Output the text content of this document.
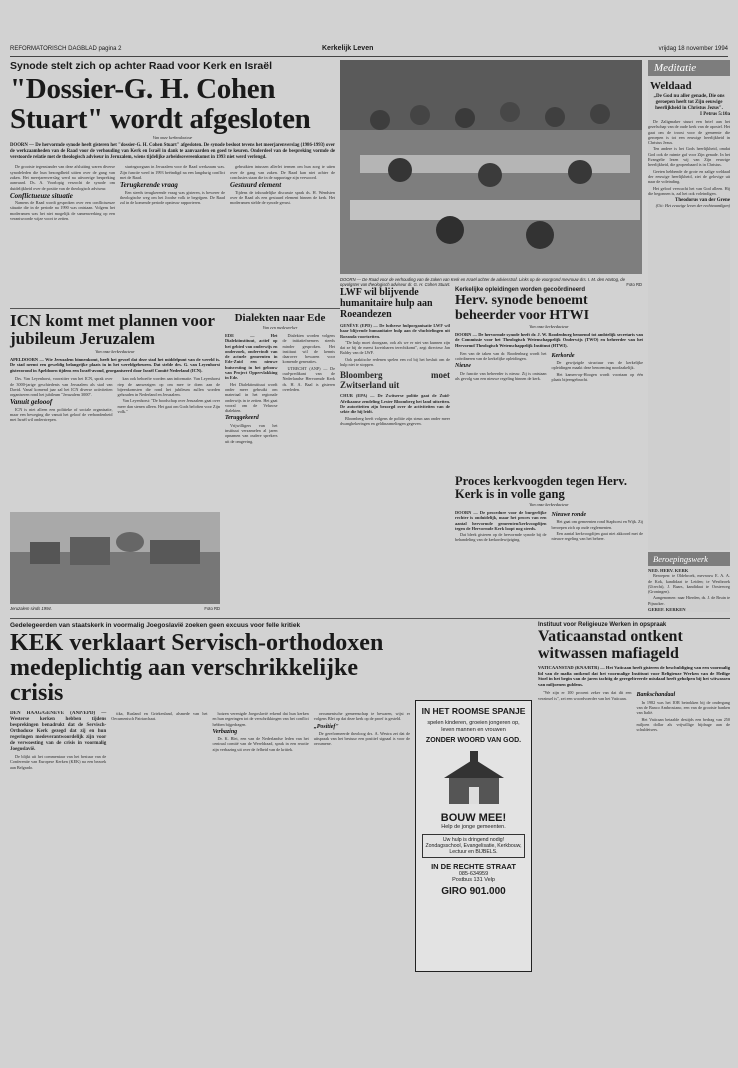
REFORMATORISCH DAGBLAD pagina 2	Kerkelijk Leven	vrijdag 18 november 1994
Synode stelt zich op achter Raad voor Kerk en Israël
"Dossier-G. H. Cohen
Stuart" wordt afgesloten
Van onze kerkredacteur
DOORN — De hervormde synode heeft gisteren het "dossier-G. H. Cohen Stuart" afgesloten. De synode besloot tevens het meerjarenverslag (1986-1993) over de werkzaamheden van de Raad voor de verhouding van Kerk en Israël in dank te aanvaarden en goed te keuren. Onderdeel van de bespreking vormde de verstoorde relatie met de theologisch adviseur in Jeruzalem, wiens tijdelijke arbeidsovereenkomst in 1993 niet werd verlengd.

De grootste tegenstander van deze afsluiting waren diverse synodeleden die hun bezorgdheid uitten over de gang van zaken. Het meerjarenverslag werd na uitvoerige bespreking aanvaard. Ds. A. Voorlopig verzocht de synode om duidelijkheid over de positie van de theologisch adviseur.

Conflictueuze situatie

Namens de Raad wordt gesproken over een conflictueuze situatie die in de periode na 1990 was ontstaan. Volgens het moderamen was het niet mogelijk de samenwerking op een verantwoorde wijze voort te zetten.

sturingsorgaan in Jeruzalem voor de Raad werkzaam was. Zijn functie werd in 1993 beëindigd na een langdurig conflict met de Raad.

Terugkerende vraag

Een steeds terugkerende vraag was gisteren, is bewerer de theologische weg om het Joodse volk te begrijpen. De Raad zal in de komende periode opnieuw rapporteren.

gebruikten intussen allerlei termen om hun zorg te uiten over de gang van zaken. De Raad kan niet achter de conclusies staan die in de rapportage zijn verwoord.

Gestuurd element

Tijdens de inhoudelijke discussie sprak ds. H. Wendsten over de Raad als een gestuurd element binnen de kerk. Het moderamen stelde de synode gerust.

DOORN — De Raad voor de verhouding van de zaken van Kerk en Israël achter de adviesstraf. Links op de voorgrond mevrouw drs. I. M. den Hartog, de opvolgster van theologisch adviseur dr. G. H. Cohen Stuart.	Foto RD
Meditatie
Weldaad
„De God nu aller genade, Die ons geroepen heeft tot Zijn eeuwige heerlijkheid in Christus Jezus".
I Petrus 5:10a

De Zaligmaker stuurt een brief aan het gezelschap van de oude kerk van de apostel. Het gaat om de troost voor de gemeente die geroepen is tot een eeuwige heerlijkheid in Christus Jezus.

Ten andere is het Gods heerlijkheid, omdat God ook de ruimte gaf voor Zijn genade. In het Evangelie lezen wij van Zijn eeuwige heerlijkheid, die geopenbaard is in Christus.

Geeten hebbende de grote en zalige weldaad der eeuwige heerlijkheid, ziet de gelovige uit naar de voleinding.

Het geloof verwacht het van God alleen. Hij die begonnen is, zal het ook voleindigen.

Theodorus van der Grene
(Uit: Het eeuwige leven der rechtvaardigen)
Beroepingswerk
NED. HERV. KERK

Beroepen: te Oldebroek, mevrouw E. A. A. de Kok, kandidaat te Leiden; te Westbroek (Utrecht), J. Baars, kandidaat te Oosterweg (Groningen).

Aangenomen: naar Hierden, ds. J. de Bruin te Pijnacker.

GEREF. KERKEN

ICN komt met plannen voor jubileum Jeruzalem
Van onze kerkredacteur
APELDOORN — Wie Jeruzalem binnenkomt, heeft het gevoel dat deze stad het middelpunt van de wereld is. De stad neemt een geweldig belangrijke plaats in in het wereldgebeuren. Dat stelde drs. G. van Leyenhorst gisteravond in Apeldoorn tijdens een Israël-avond, georganiseerd door Israël Comité Nederland (ICN).

Drs. Van Leyenhorst, voorzitter van het ICN, sprak over de 3000-jarige geschiedenis van Jeruzalem als stad van David. Vanaf komend jaar zal het ICN diverse activiteiten organiseren rond het jubileum "Jeruzalem 3000".

Vanuit gelooof

ICN is niet alleen een politieke of sociale organisatie, maar een beweging die vanuit het geloof de verbondenheid met Israël wil onderstrepen.

kan ook behoefte worden aan informatie. Van Leyenhorst riep de aanwezigen op om mee te doen aan de bijeenkomsten die rond het jubileum zullen worden gehouden in Nederland en Jeruzalem.

Van Leyenhorst: "De boodschap over Jeruzalem gaat over meer dan stenen alleen. Het gaat om Gods beloften voor Zijn volk."

Jeruzalem sinds 1994.	Foto RD
Dialekten naar Ede
Van een medewerker

EDE — Het Dialektinstituut, actief op het gebied van onderwijs en onderzoek, ondervindt van de actuele gemeenten in Ede-Zuid een nieuwe huisvesting in het gebouw van Project Oppervlakking in Ede.

Het Dialektinstituut wordt onder meer gebruikt om materiaal in het regionale onderwijs in te zetten. Het gaat vooral om de Veluwse dialekten.

Teruggekeerd

Vrijwilligers van het instituut verzamelen al jaren opnamen van oudere sprekers uit de omgeving.

Dialekten worden volgens de initiatiefnemers steeds minder gesproken. Het instituut wil de kennis daarover bewaren voor komende generaties.

UTRECHT (ANP) — De oud-predikant van de Nederlandse Hervormde Kerk ds. H. A. Baal is gisteren overleden.

LWF wil blijvende humanitaire hulp aan Roeandezen

GENÈVE (EPD) — De lutherse hulporganisatie LWF wil haar blijvende humanitaire hulp aan de vluchtelingen uit Roeanda voortzetten.

"De hulp moet doorgaan, ook als we er niet van kunnen zijn dat ze bij de meest kwetsbaren terechtkomt", zegt directeur Jan Baldry van de LWF.

Ook praktische redenen spelen een rol bij het besluit om de hulp niet te stoppen.

Bloomberg moet Zwitserland uit

CHUR (EPA) — De Zwitserse politie gaat de Zuid-Afrikaanse zendeling Lester Bloomberg het land uitzetten. De autoriteiten zijn bezorgd over de activiteiten van de sekte die hij leidt.

Bloomberg heeft volgens de politie zijn steun aan onder meer dwangbekeringen en geldinzamelingen gegeven.

Kerkelijke opleidingen worden gecoördineerd
Herv. synode benoemt beheerder voor HTWI
Van onze kerkredacteur
DOORN — De hervormde synode heeft dr. J. W. Roodenburg benoemd tot ambtelijk secretaris van de Commissie voor het Theologisch Wetenschappelijk Onderwijs (TWO) en beheerder van het Hervormd Theologisch Wetenschappelijk Instituut (HTWI).

Een van de taken van dr. Roodenburg wordt het coördineren van de kerkelijke opleidingen.

Nieuw

De functie van beheerder is nieuw. Zij is ontstaan als gevolg van een nieuwe regeling binnen de kerk.

Kerkorde

De gewijzigde structuur van de kerkelijke opleidingen maakt deze benoeming noodzakelijk.

Het kamen-op-Hoogen wordt voortaan op één plaats bijeengebracht.

Proces kerkvoogden tegen Herv. Kerk is in volle gang
Van onze kerkredacteur

DOORN — De procedure voor de burgerlijke rechter is onduidelijk, maar het proces van een aantal hervormde gemeenten/kerkvoogdijen tegen de Hervormde Kerk loopt nog steeds.

Dat bleek gisteren op de hervormde synode bij de behandeling van de kerkordewijziging.

Nieuwe ronde

Het gaat om gemeenten rond Staphorst en Wijk. Zij beroepen zich op oude reglementen.

Een aantal kerkvoogdijen gaat niet akkoord met de nieuwe regeling van het beheer.

Gedelegeerden van staatskerk in voormalig Joegoslavië zoeken geen excuus voor felle kritiek
KEK verklaart Servisch-orthodoxen
medeplichtig aan verschrikkelijke crisis

DEN HAAG/GENÈVE (ANP/EPD) — Westerse kerken hebben tijdens besprekingen benadrukt dat de Servisch-Orthodoxe Kerk gezegd dat zij en hun regeringen medeverantwoordelijk zijn voor de verwoesting van de crisis in voormalig Joegoslavië.

De blijkt uit het commentaar van het bestuur van de Conferentie van Europese Kerken (KEK) na een bezoek aan Belgrado.

tika, Rusland en Griekenland, alsmede van het Oecumenisch Patriarchaat.

hoizen verenigde Joegoslavië erkend dat hun kerken en hun regeringen tot de verschrikkingen van het conflict hebben bijgedragen.

Verbazing

Dr. K. Blei, een van de Nederlandse leden van het centraal comité van de Wereldraad, sprak in een reactie zijn verbazing uit over de felheid van de kritiek.

oecumenische gemeenschap te bewaren, wijst er volgens Blei op dat deze kerk op de proef is gesteld.

„Positief"

De gereformeerde theoloog drs. A. Westra zei dat de uitspraak van het bestuur een positief signaal is voor de oecumene.

IN HET ROOMSE SPANJE
spelen kinderen, groeien jongeren op, leven mannen en vrouwen
ZONDER WOORD VAN GOD.
BOUW MEE!
Help de jonge gemeenten.
Uw hulp is dringend nodig! Zondagsschool, Evangelisatie, Kerkbouw, Lectuur en BIJBELS.
IN DE RECHTE STRAAT
085-634959
Postbus 131 Velp
GIRO 901.000
Instituut voor Religieuze Werken in opspraak
Vaticaanstad ontkent witwassen mafiageld
VATICAANSTAD (KNA/RTR) — Het Vaticaan heeft gisteren de beschuldiging van een voormalig lid van de mafia ontkend dat het voormalige Instituut voor Religieuze Werken van de Heilige Stoel in het begin van de jaren tachtig de geregeltreerde misdaad heeft geholpen bij het witwassen van miljoenen guldens.

"We zijn er 100 procent zeker van dat dit een verzinsel is", zei een woordvoerder van het Vaticaan.	Bankschandaal

In 1982 was het IOR betrokken bij de ondergang van de Banco Ambrosiano, een van de grootste banken van Italië.

Het Vaticaan betaalde destijds een bedrag van 250 miljoen dollar als vrijwillige bijdrage aan de schuldeisers.
